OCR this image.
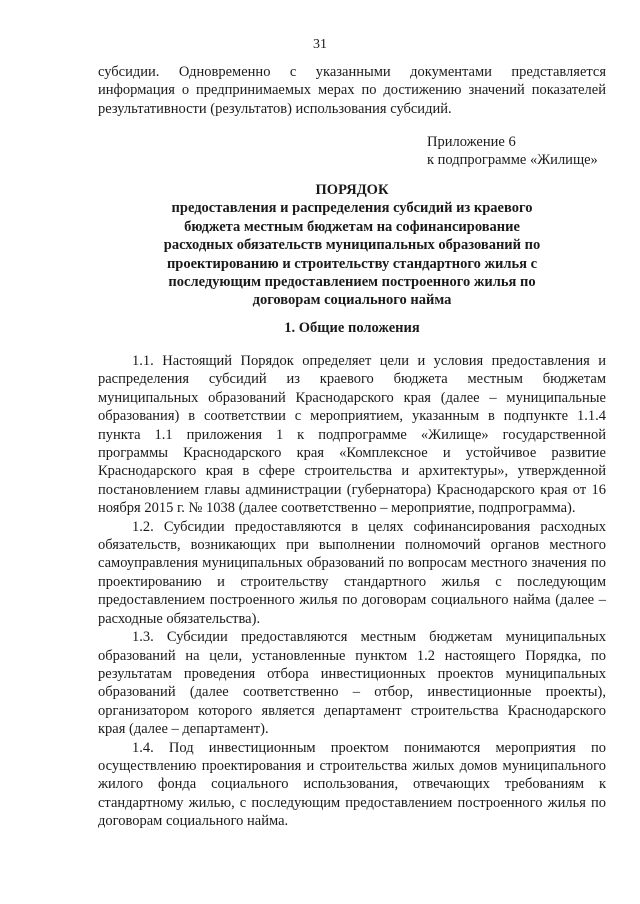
31

субсидии. Одновременно с указанными документами представляется информация о предпринимаемых мерах по достижению значений показателей результативности (результатов) использования субсидий.

Приложение 6
к подпрограмме «Жилище»
ПОРЯДОК
предоставления и распределения субсидий из краевого
бюджета местным бюджетам на софинансирование
расходных обязательств муниципальных образований по
проектированию и строительству стандартного жилья с
последующим предоставлением построенного жилья по
договорам социального найма
1. Общие положения

1.1. Настоящий Порядок определяет цели и условия предоставления и распределения субсидий из краевого бюджета местным бюджетам муниципальных образований Краснодарского края (далее – муниципальные образования) в соответствии с мероприятием, указанным в подпункте 1.1.4 пункта 1.1 приложения 1 к подпрограмме «Жилище» государственной программы Краснодарского края «Комплексное и устойчивое развитие Краснодарского края в сфере строительства и архитектуры», утвержденной постановлением главы администрации (губернатора) Краснодарского края от 16 ноября 2015 г. № 1038 (далее соответственно – мероприятие, подпрограмма).

1.2. Субсидии предоставляются в целях софинансирования расходных обязательств, возникающих при выполнении полномочий органов местного самоуправления муниципальных образований по вопросам местного значения по проектированию и строительству стандартного жилья с последующим предоставлением построенного жилья по договорам социального найма (далее – расходные обязательства).

1.3. Субсидии предоставляются местным бюджетам муниципальных образований на цели, установленные пунктом 1.2 настоящего Порядка, по результатам проведения отбора инвестиционных проектов муниципальных образований (далее соответственно – отбор, инвестиционные проекты), организатором которого является департамент строительства Краснодарского края (далее – департамент).

1.4. Под инвестиционным проектом понимаются мероприятия по осуществлению проектирования и строительства жилых домов муниципального жилого фонда социального использования, отвечающих требованиям к стандартному жилью, с последующим предоставлением построенного жилья по договорам социального найма.
